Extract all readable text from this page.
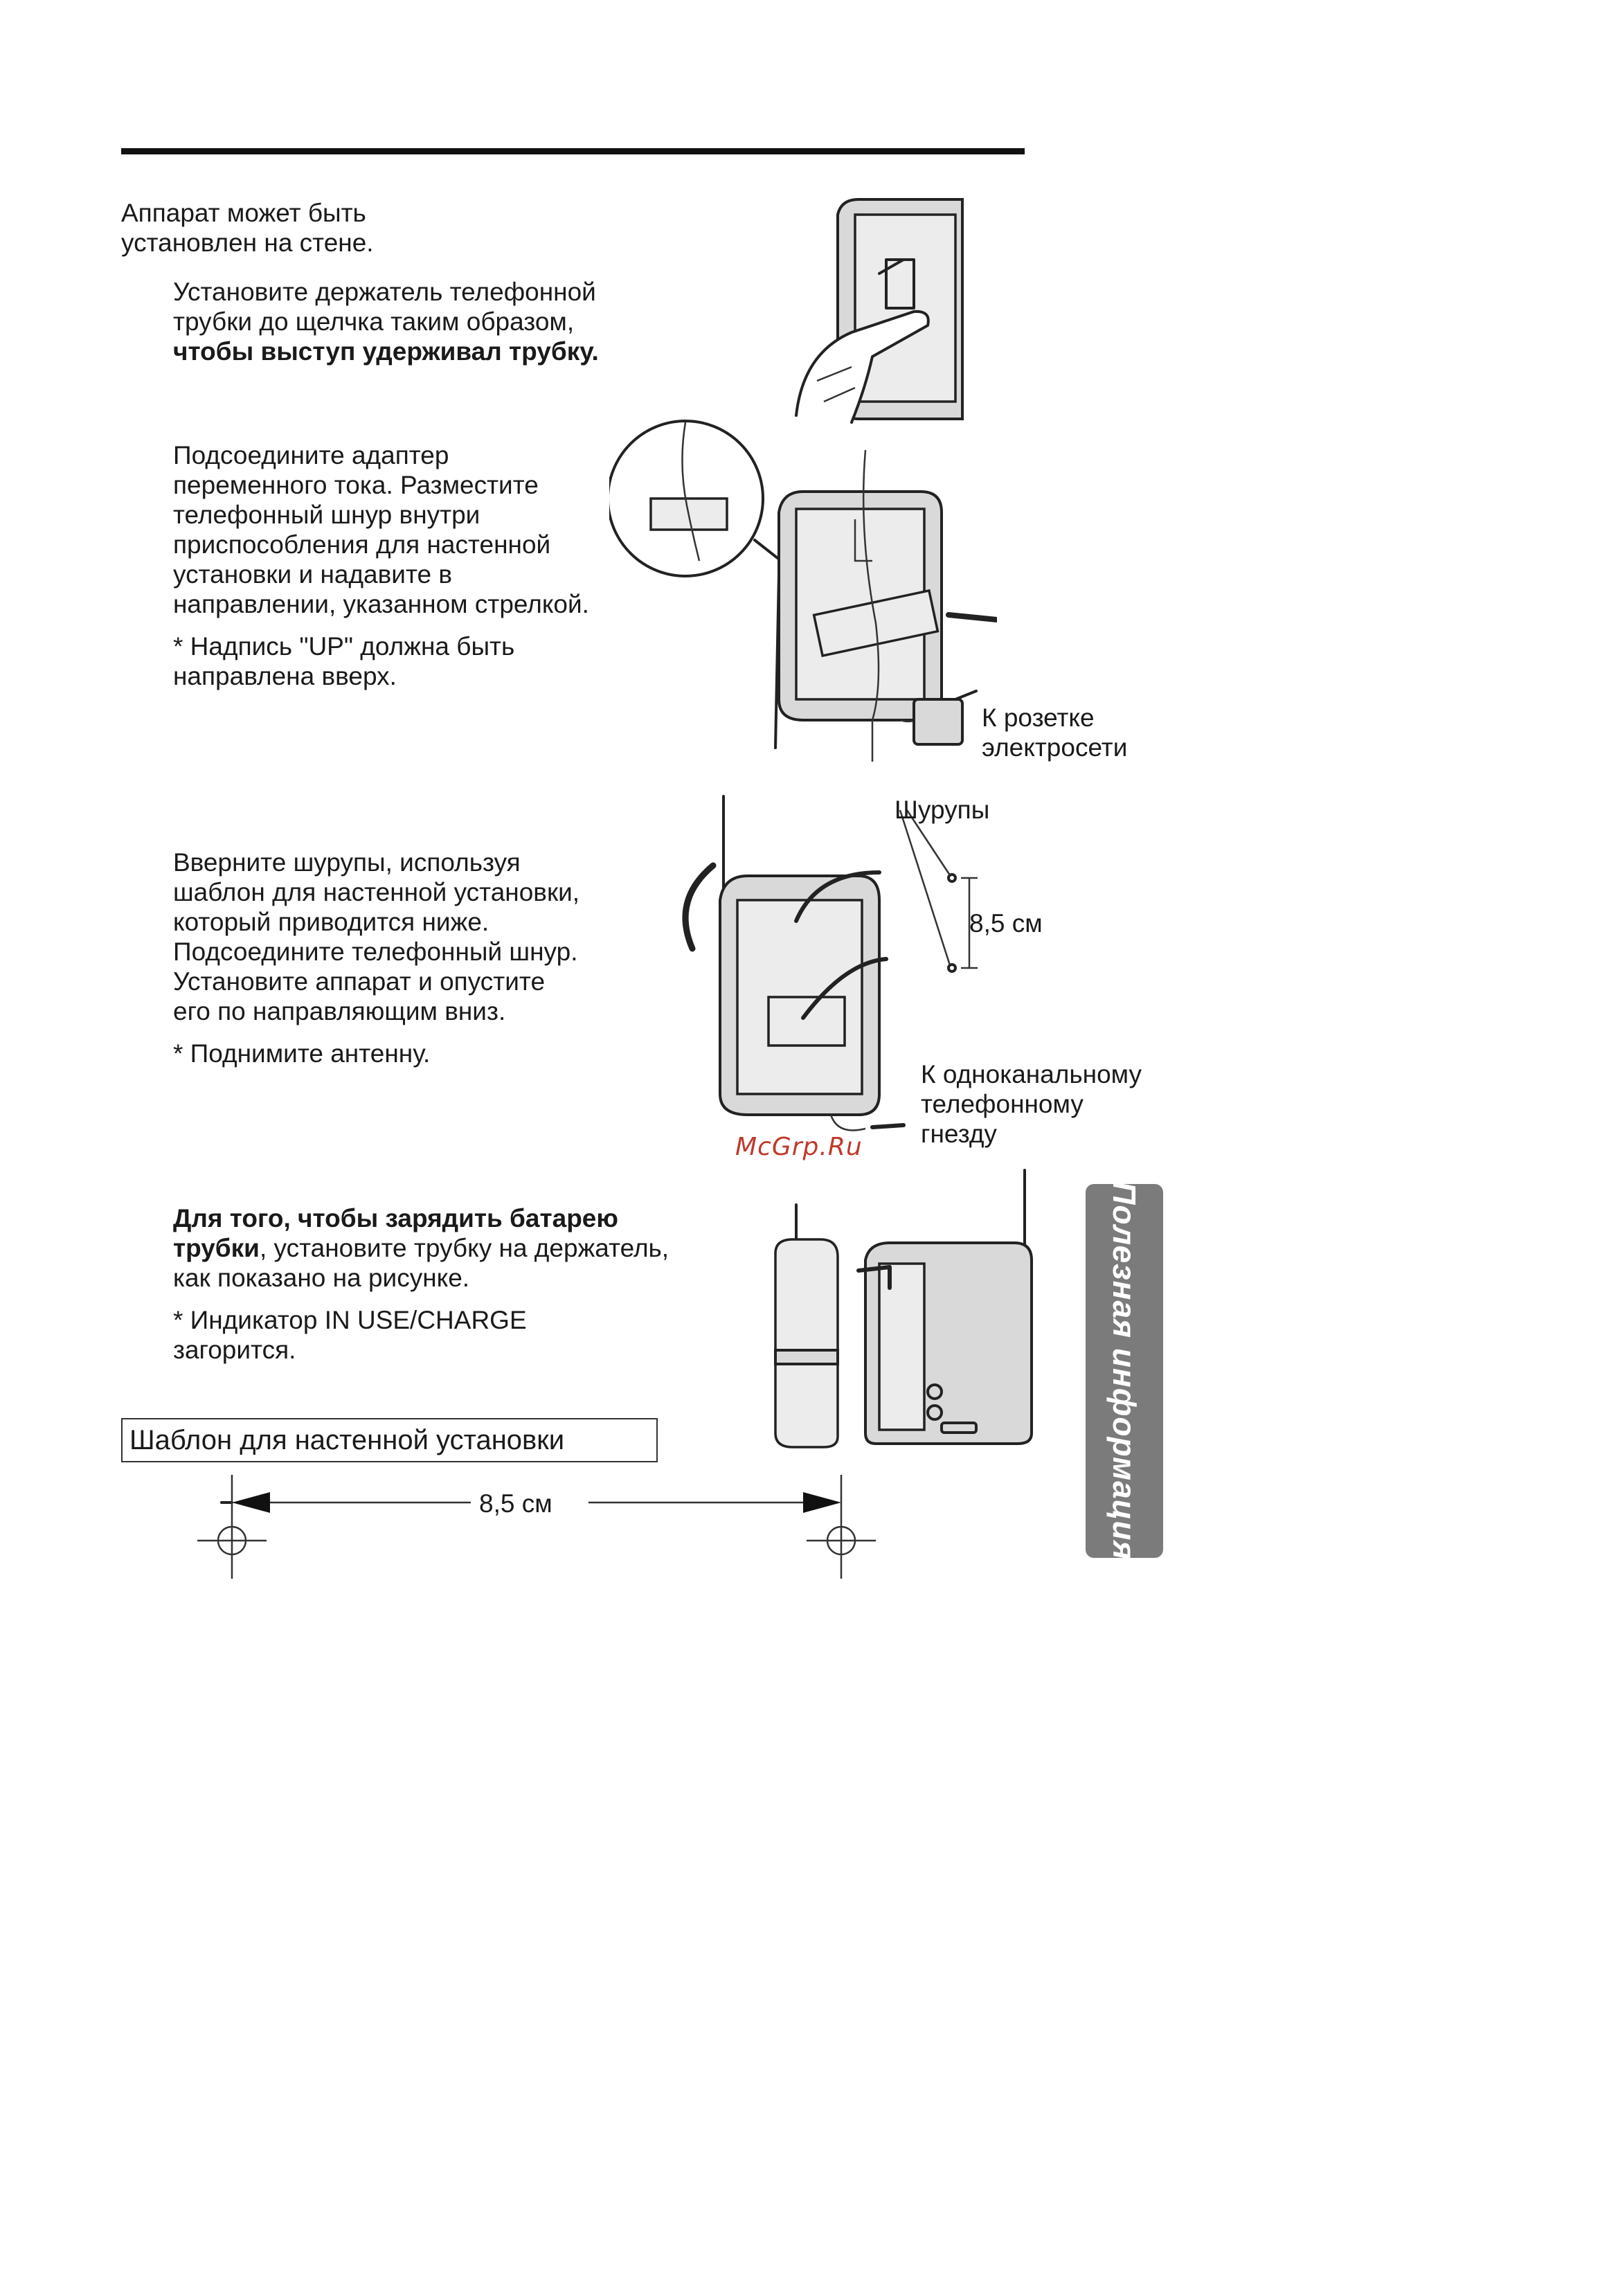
Аппарат может быть
установлен на стене.
Установите держатель телефонной
трубки до щелчка таким образом,
чтобы выступ удерживал трубку.
Подсоедините адаптер
переменного тока. Разместите
телефонный шнур внутри
приспособления для настенной
установки и надавите в
направлении, указанном стрелкой.
* Надпись "UP" должна быть
направлена вверх.
К розетке
электросети
Вверните шурупы, используя
шаблон для настенной установки,
который приводится ниже.
Подсоедините телефонный шнур.
Установите аппарат и опустите
его по направляющим вниз.
* Поднимите антенну.
Шурупы
8,5 см
К одноканальному
телефонному
гнезду
McGrp.Ru
Для того, чтобы зарядить батарею
трубки, установите трубку на держатель,
как показано на рисунке.
* Индикатор IN USE/CHARGE
загорится.
Шаблон для настенной установки
8,5 см	Полезная информация
